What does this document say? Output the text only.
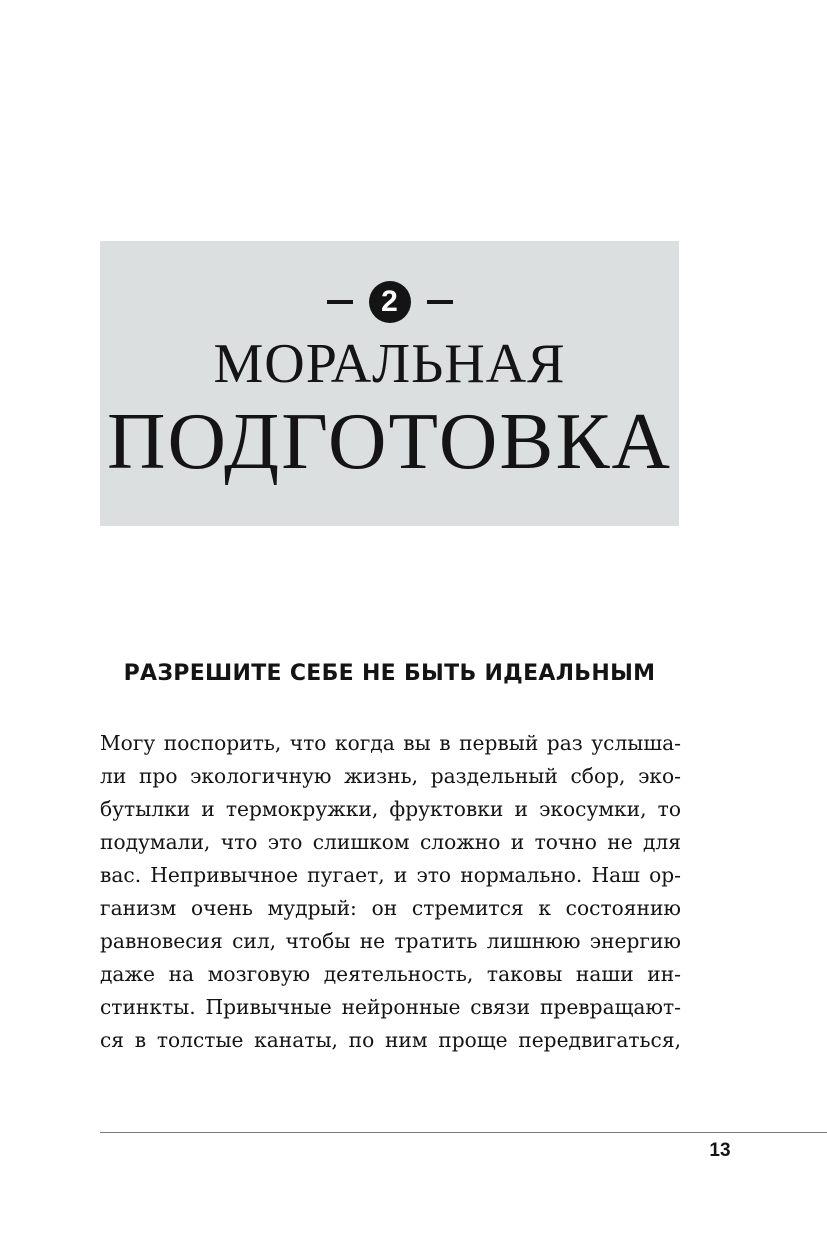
2
МОРАЛЬНАЯ
ПОДГОТОВКА
РАЗРЕШИТЕ СЕБЕ НЕ БЫТЬ ИДЕАЛЬНЫМ
Могу поспорить, что когда вы в первый раз услыша-
ли про экологичную жизнь, раздельный сбор, эко-
бутылки и термокружки, фруктовки и экосумки, то
подумали, что это слишком сложно и точно не для
вас. Непривычное пугает, и это нормально. Наш ор-
ганизм очень мудрый: он стремится к состоянию
равновесия сил, чтобы не тратить лишнюю энергию
даже на мозговую деятельность, таковы наши ин-
стинкты. Привычные нейронные связи превращают-
ся в толстые канаты, по ним проще передвигаться,
13
